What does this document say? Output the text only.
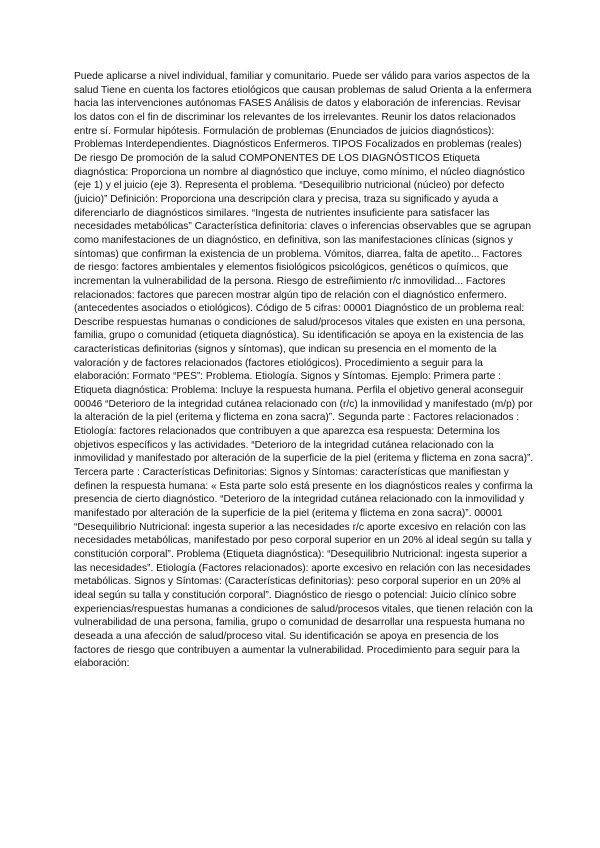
Puede aplicarse a nivel individual, familiar y comunitario. Puede ser válido para varios aspectos de la salud Tiene en cuenta los factores etiológicos que causan problemas de salud Orienta a la enfermera hacia las intervenciones autónomas FASES Análisis de datos y elaboración de inferencias. Revisar los datos con el fin de discriminar los relevantes de los irrelevantes. Reunir los datos relacionados entre sí. Formular hipótesis. Formulación de problemas (Enunciados de juicios diagnósticos): Problemas Interdependientes. Diagnósticos Enfermeros. TIPOS Focalizados en problemas (reales) De riesgo De promoción de la salud COMPONENTES DE LOS DIAGNÓSTICOS Etiqueta diagnóstica: Proporciona un nombre al diagnóstico que incluye, como mínimo, el núcleo diagnóstico (eje 1) y el juicio (eje 3). Representa el problema. “Desequilibrio nutricional (núcleo) por defecto (juicio)” Definición: Proporciona una descripción clara y precisa, traza su significado y ayuda a diferenciarlo de diagnósticos similares. “Ingesta de nutrientes insuficiente para satisfacer las necesidades metabólicas” Característica definitoria: claves o inferencias observables que se agrupan como manifestaciones de un diagnóstico, en definitiva, son las manifestaciones clínicas (signos y síntomas) que confirman la existencia de un problema. Vómitos, diarrea, falta de apetito... Factores de riesgo: factores ambientales y elementos fisiológicos psicológicos, genéticos o químicos, que incrementan la vulnerabilidad de la persona. Riesgo de estreñimiento r/c inmovilidad... Factores relacionados: factores que parecen mostrar algún tipo de relación con el diagnóstico enfermero. (antecedentes asociados o etiológicos). Código de 5 cifras: 00001 Diagnóstico de un problema real: Describe respuestas humanas o condiciones de salud/procesos vitales que existen en una persona, familia, grupo o comunidad (etiqueta diagnóstica). Su identificación se apoya en la existencia de las características definitorias (signos y síntomas), que indican su presencia en el momento de la valoración y de factores relacionados (factores etiológicos). Procedimiento a seguir para la elaboración: Formato “PES”: Problema. Etiología. Signos y Síntomas. Ejemplo: Primera parte : Etiqueta diagnóstica: Problema: Incluye la respuesta humana. Perfila el objetivo general aconseguir 00046 “Deterioro de la integridad cutánea relacionado con (r/c) la inmovilidad y manifestado (m/p) por la alteración de la piel (eritema y flictema en zona sacra)”. Segunda parte : Factores relacionados : Etiología: factores relacionados que contribuyen a que aparezca esa respuesta: Determina los objetivos específicos y las actividades. “Deterioro de la integridad cutánea relacionado con la inmovilidad y manifestado por alteración de la superficie de la piel (eritema y flictema en zona sacra)”. Tercera parte : Características Definitorias: Signos y Síntomas: características que manifiestan y definen la respuesta humana: « Esta parte solo está presente en los diagnósticos reales y confirma la presencia de cierto diagnóstico. “Deterioro de la integridad cutánea relacionado con la inmovilidad y manifestado por alteración de la superficie de la piel (eritema y flictema en zona sacra)”. 00001 “Desequilibrio Nutricional: ingesta superior a las necesidades r/c aporte excesivo en relación con las necesidades metabólicas, manifestado por peso corporal superior en un 20% al ideal según su talla y constitución corporal”. Problema (Etiqueta diagnóstica): “Desequilibrio Nutricional: ingesta superior a las necesidades”. Etiología (Factores relacionados): aporte excesivo en relación con las necesidades metabólicas. Signos y Síntomas: (Características definitorias): peso corporal superior en un 20% al ideal según su talla y constitución corporal”. Diagnóstico de riesgo o potencial: Juicio clínico sobre experiencias/respuestas humanas a condiciones de salud/procesos vitales, que tienen relación con la vulnerabilidad de una persona, familia, grupo o comunidad de desarrollar una respuesta humana no deseada a una afección de salud/proceso vital. Su identificación se apoya en presencia de los factores de riesgo que contribuyen a aumentar la vulnerabilidad. Procedimiento para seguir para la elaboración:
